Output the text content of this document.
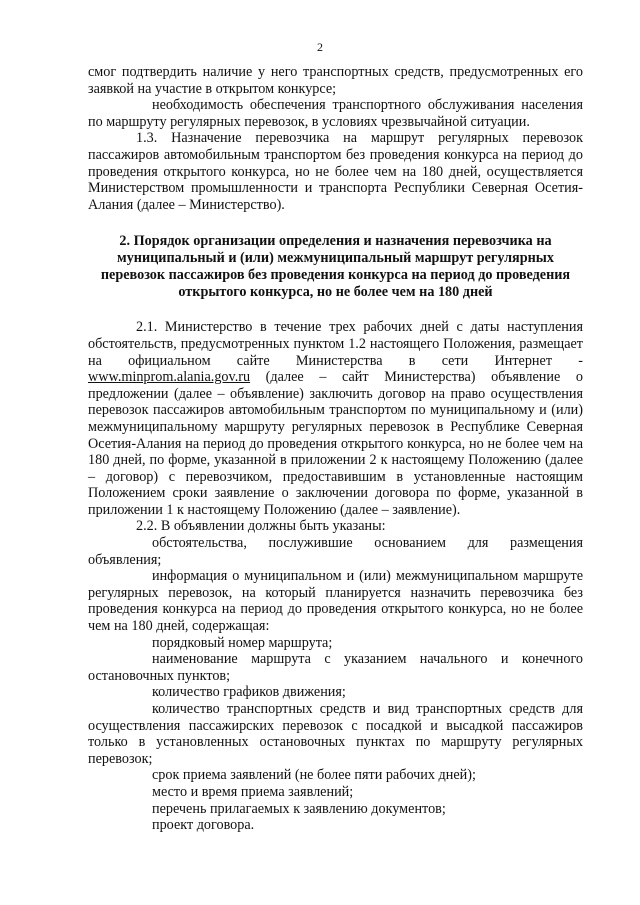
2

смог подтвердить наличие у него транспортных средств, предусмотренных его заявкой на участие в открытом конкурсе;

необходимость обеспечения транспортного обслуживания населения по маршруту регулярных перевозок, в условиях чрезвычайной ситуации.

1.3. Назначение перевозчика на маршрут регулярных перевозок пассажиров автомобильным транспортом без проведения конкурса на период до проведения открытого конкурса, но не более чем на 180 дней, осуществляется Министерством промышленности и транспорта Республики Северная Осетия-Алания (далее – Министерство).

2. Порядок организации определения и назначения перевозчика на муниципальный и (или) межмуниципальный маршрут регулярных перевозок пассажиров без проведения конкурса на период до проведения открытого конкурса, но не более чем на 180 дней

2.1. Министерство в течение трех рабочих дней с даты наступления обстоятельств, предусмотренных пунктом 1.2 настоящего Положения, размещает на официальном сайте Министерства в сети Интернет - www.minprom.alania.gov.ru (далее – сайт Министерства) объявление о предложении (далее – объявление) заключить договор на право осуществления перевозок пассажиров автомобильным транспортом по муниципальному и (или) межмуниципальному маршруту регулярных перевозок в Республике Северная Осетия-Алания на период до проведения открытого конкурса, но не более чем на 180 дней, по форме, указанной в приложении 2 к настоящему Положению (далее – договор) с перевозчиком, предоставившим в установленные настоящим Положением сроки заявление о заключении договора по форме, указанной в приложении 1 к настоящему Положению (далее – заявление).

2.2. В объявлении должны быть указаны:

обстоятельства, послужившие основанием для размещения объявления;

информация о муниципальном и (или) межмуниципальном маршруте регулярных перевозок, на который планируется назначить перевозчика без проведения конкурса на период до проведения открытого конкурса, но не более чем на 180 дней, содержащая:

порядковый номер маршрута;

наименование маршрута с указанием начального и конечного остановочных пунктов;

количество графиков движения;

количество транспортных средств и вид транспортных средств для осуществления пассажирских перевозок с посадкой и высадкой пассажиров только в установленных остановочных пунктах по маршруту регулярных перевозок;

срок приема заявлений (не более пяти рабочих дней);

место и время приема заявлений;

перечень прилагаемых к заявлению документов;

проект договора.
